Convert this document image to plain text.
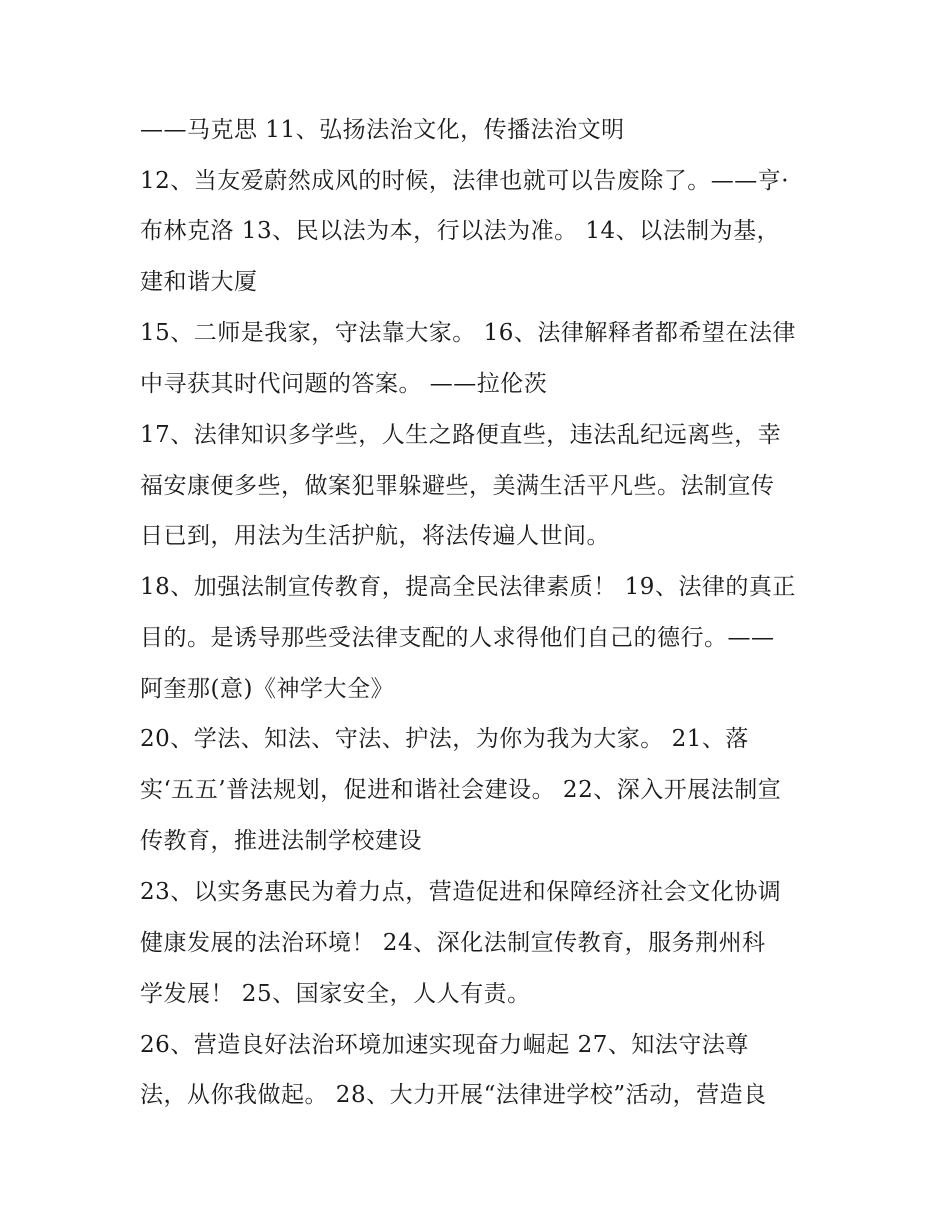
——马克思 11、弘扬法治文化，传播法治文明
12、当友爱蔚然成风的时候，法律也就可以告废除了。——亨·
布林克洛 13、民以法为本，行以法为准。 14、以法制为基，
建和谐大厦
15、二师是我家，守法靠大家。 16、法律解释者都希望在法律
中寻获其时代问题的答案。 ——拉伦茨
17、法律知识多学些，人生之路便直些，违法乱纪远离些，幸
福安康便多些，做案犯罪躲避些，美满生活平凡些。法制宣传
日已到，用法为生活护航，将法传遍人世间。
18、加强法制宣传教育，提高全民法律素质！ 19、法律的真正
目的。是诱导那些受法律支配的人求得他们自己的德行。——
阿奎那(意)《神学大全》
20、学法、知法、守法、护法，为你为我为大家。 21、落
实‘五五’普法规划，促进和谐社会建设。 22、深入开展法制宣
传教育，推进法制学校建设
23、以实务惠民为着力点，营造促进和保障经济社会文化协调
健康发展的法治环境！ 24、深化法制宣传教育，服务荆州科
学发展！ 25、国家安全，人人有责。
26、营造良好法治环境加速实现奋力崛起 27、知法守法尊
法，从你我做起。 28、大力开展“法律进学校”活动，营造良
